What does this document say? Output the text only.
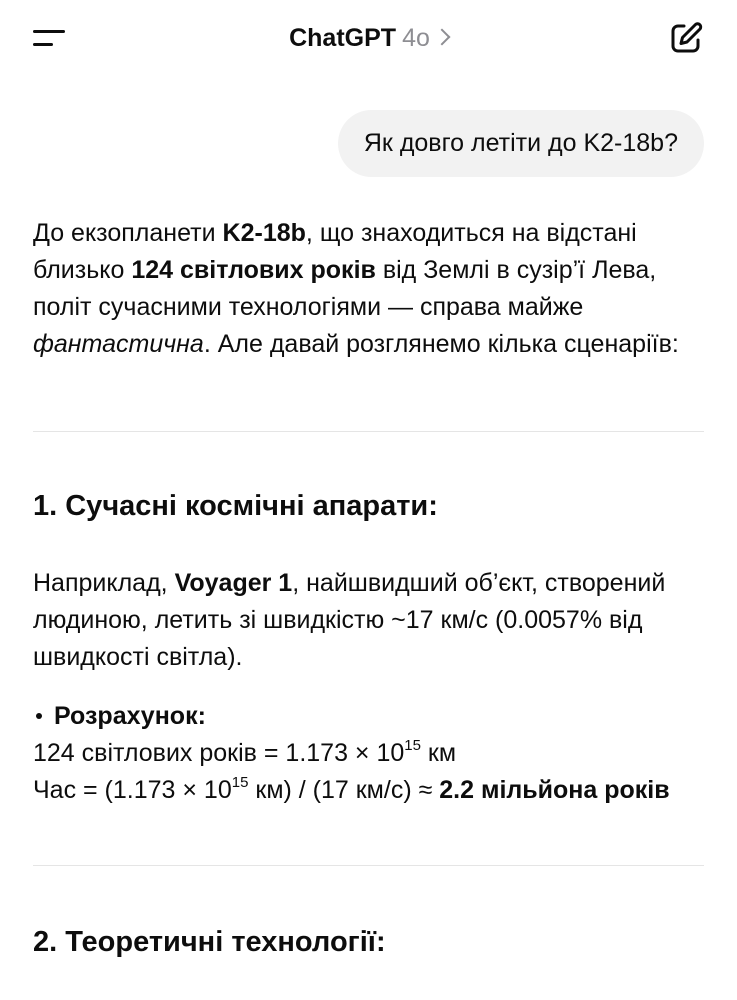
ChatGPT 4o
Як довго летіти до K2-18b?

До екзопланети K2-18b, що знаходиться на відстані близько 124 світлових років від Землі в сузір’ї Лева, політ сучасними технологіями — справа майже фантастична. Але давай розглянемо кілька сценаріїв:

1. Сучасні космічні апарати:

Наприклад, Voyager 1, найшвидший об’єкт, створений людиною, летить зі швидкістю ~17 км/с (0.0057% від швидкості світла).

Розрахунок:
124 світлових років = $1.173 \times 10^{15}$ км
Час = ($1.173 \times 10^{15}$ км) / (17 км/с) ≈ 2.2 мільйона років
2. Теоретичні технології:
